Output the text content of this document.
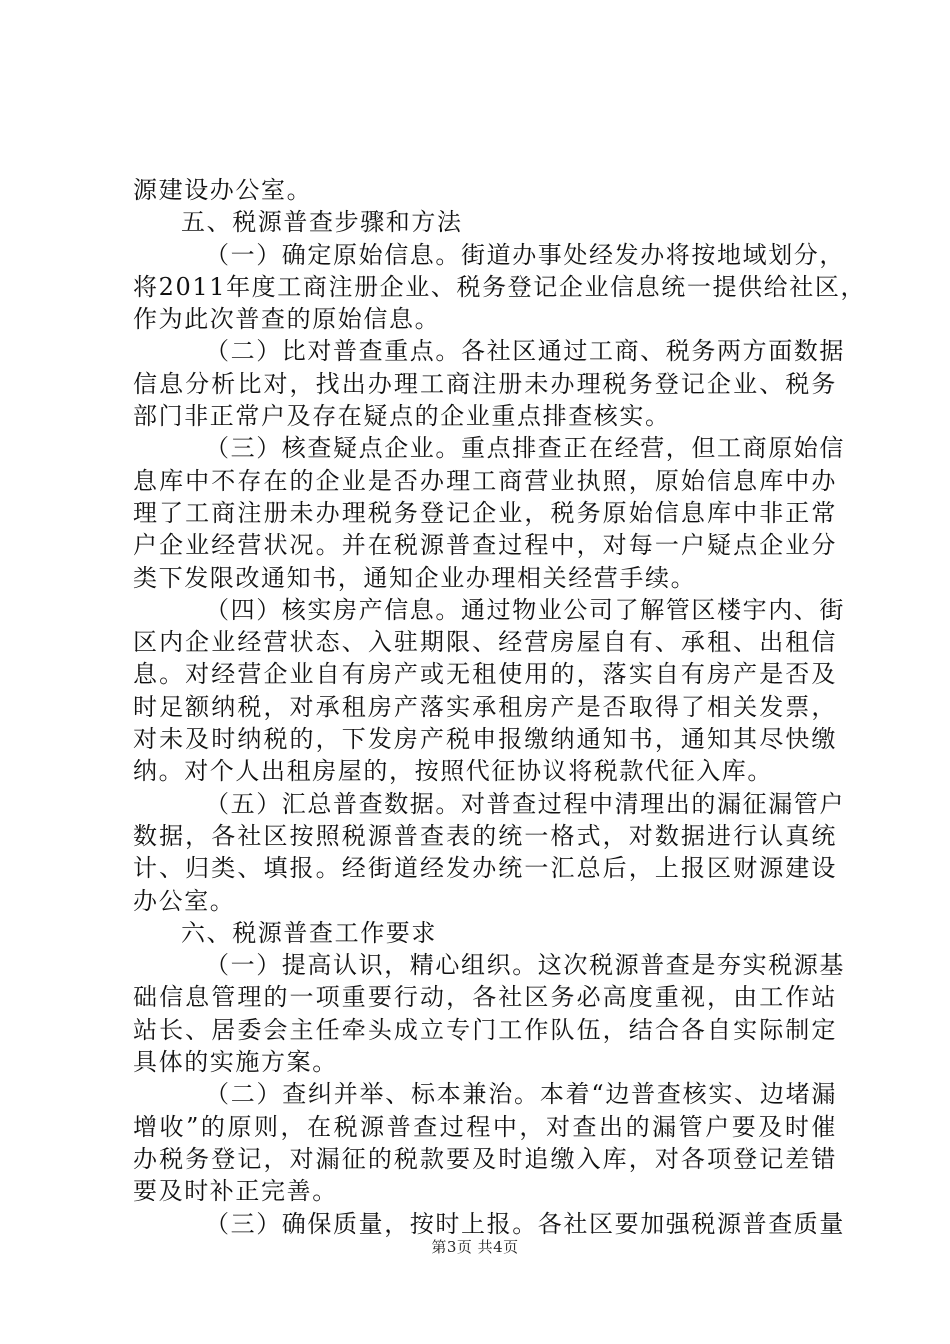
源建设办公室。
五、税源普查步骤和方法
（一）确定原始信息。街道办事处经发办将按地域划分，
将2011年度工商注册企业、税务登记企业信息统一提供给社区，
作为此次普查的原始信息。
（二）比对普查重点。各社区通过工商、税务两方面数据
信息分析比对，找出办理工商注册未办理税务登记企业、税务
部门非正常户及存在疑点的企业重点排查核实。
（三）核查疑点企业。重点排查正在经营，但工商原始信
息库中不存在的企业是否办理工商营业执照，原始信息库中办
理了工商注册未办理税务登记企业，税务原始信息库中非正常
户企业经营状况。并在税源普查过程中，对每一户疑点企业分
类下发限改通知书，通知企业办理相关经营手续。
（四）核实房产信息。通过物业公司了解管区楼宇内、街
区内企业经营状态、入驻期限、经营房屋自有、承租、出租信
息。对经营企业自有房产或无租使用的，落实自有房产是否及
时足额纳税，对承租房产落实承租房产是否取得了相关发票，
对未及时纳税的，下发房产税申报缴纳通知书，通知其尽快缴
纳。对个人出租房屋的，按照代征协议将税款代征入库。
（五）汇总普查数据。对普查过程中清理出的漏征漏管户
数据，各社区按照税源普查表的统一格式，对数据进行认真统
计、归类、填报。经街道经发办统一汇总后，上报区财源建设
办公室。
六、税源普查工作要求
（一）提高认识，精心组织。这次税源普查是夯实税源基
础信息管理的一项重要行动，各社区务必高度重视，由工作站
站长、居委会主任牵头成立专门工作队伍，结合各自实际制定
具体的实施方案。
（二）查纠并举、标本兼治。本着“边普查核实、边堵漏
增收”的原则，在税源普查过程中，对查出的漏管户要及时催
办税务登记，对漏征的税款要及时追缴入库，对各项登记差错
要及时补正完善。
（三）确保质量，按时上报。各社区要加强税源普查质量
第3页 共4页
